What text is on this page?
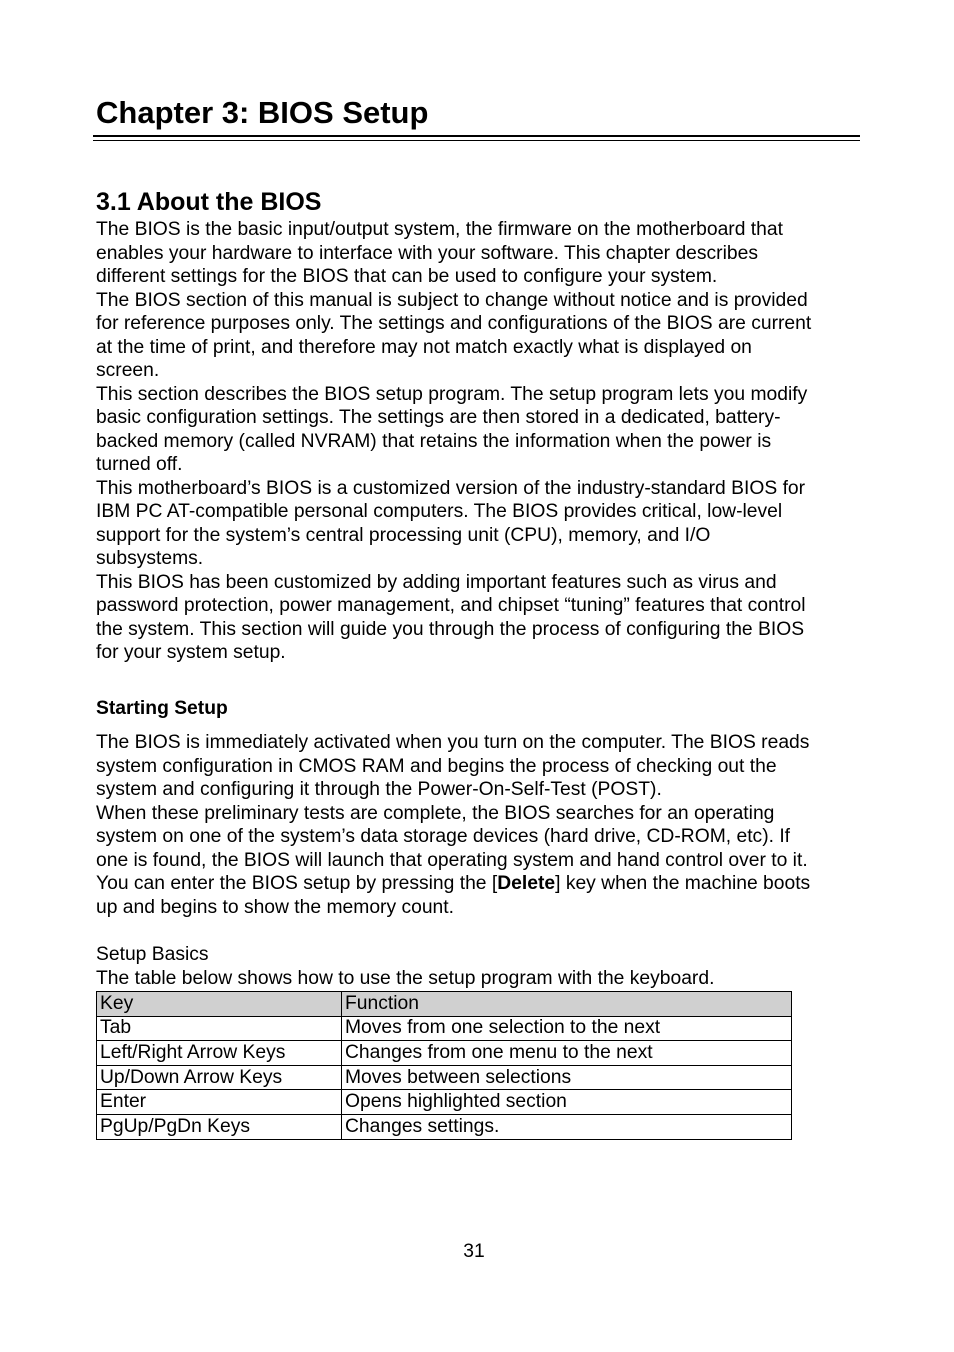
Chapter 3: BIOS Setup
3.1 About the BIOS
The BIOS is the basic input/output system, the firmware on the motherboard that
enables your hardware to interface with your software. This chapter describes
different settings for the BIOS that can be used to configure your system.
The BIOS section of this manual is subject to change without notice and is provided
for reference purposes only. The settings and configurations of the BIOS are current
at the time of print, and therefore may not match exactly what is displayed on
screen.
This section describes the BIOS setup program. The setup program lets you modify
basic configuration settings. The settings are then stored in a dedicated, battery-
backed memory (called NVRAM) that retains the information when the power is
turned off.
This motherboard’s BIOS is a customized version of the industry-standard BIOS for
IBM PC AT-compatible personal computers. The BIOS provides critical, low-level
support for the system’s central processing unit (CPU), memory, and I/O
subsystems.
This BIOS has been customized by adding important features such as virus and
password protection, power management, and chipset “tuning” features that control
the system. This section will guide you through the process of configuring the BIOS
for your system setup.
Starting Setup
The BIOS is immediately activated when you turn on the computer. The BIOS reads
system configuration in CMOS RAM and begins the process of checking out the
system and configuring it through the Power-On-Self-Test (POST).
When these preliminary tests are complete, the BIOS searches for an operating
system on one of the system’s data storage devices (hard drive, CD-ROM, etc). If
one is found, the BIOS will launch that operating system and hand control over to it.
You can enter the BIOS setup by pressing the [Delete] key when the machine boots
up and begins to show the memory count.
Setup Basics
The table below shows how to use the setup program with the keyboard.
Key	Function
Tab	Moves from one selection to the next
Left/Right Arrow Keys	Changes from one menu to the next
Up/Down Arrow Keys	Moves between selections
Enter	Opens highlighted section
PgUp/PgDn Keys	Changes settings.
31
